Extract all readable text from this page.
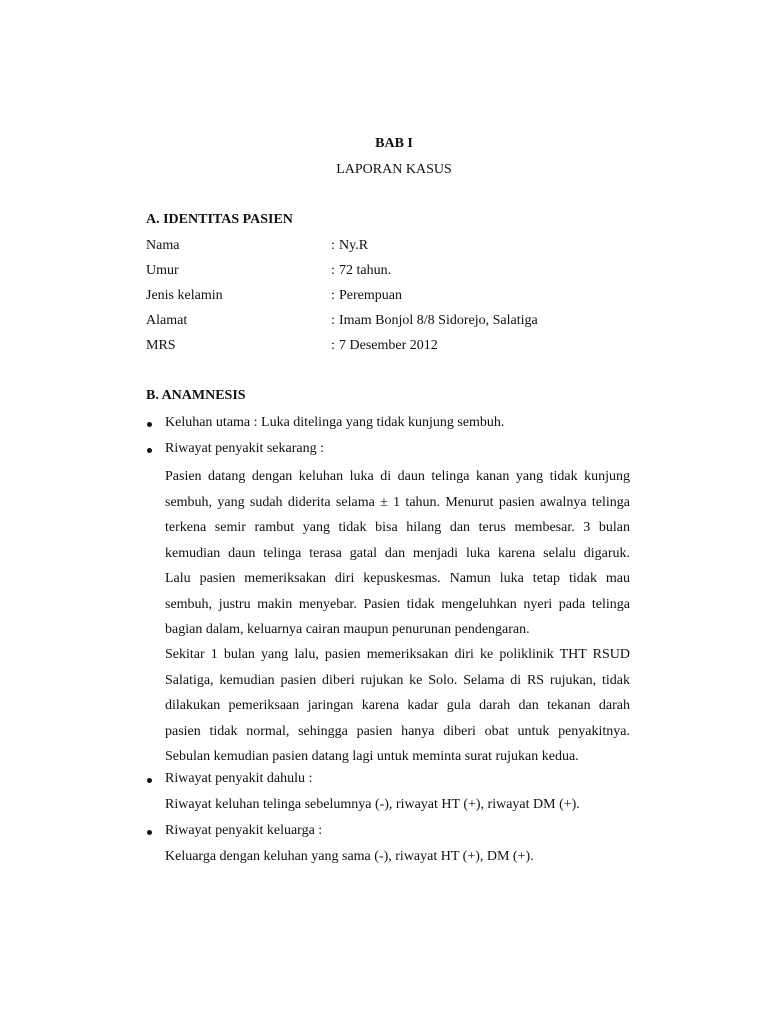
BAB I
LAPORAN KASUS
A. IDENTITAS PASIEN
Nama	: Ny.R
Umur	: 72 tahun.
Jenis kelamin	: Perempuan
Alamat	: Imam Bonjol 8/8 Sidorejo, Salatiga
MRS	: 7 Desember 2012
B. ANAMNESIS
Keluhan utama : Luka ditelinga yang tidak kunjung sembuh.
Riwayat penyakit sekarang :
Pasien datang dengan keluhan luka di daun telinga kanan yang tidak kunjung
sembuh, yang sudah diderita selama ± 1 tahun. Menurut pasien awalnya telinga
terkena semir rambut yang tidak bisa hilang dan terus membesar. 3 bulan
kemudian daun telinga terasa gatal dan menjadi luka karena selalu digaruk.
Lalu pasien memeriksakan diri kepuskesmas. Namun luka tetap tidak mau
sembuh, justru makin menyebar. Pasien tidak mengeluhkan nyeri pada telinga
bagian dalam, keluarnya cairan maupun penurunan pendengaran.
Sekitar 1 bulan yang lalu, pasien memeriksakan diri ke poliklinik THT RSUD
Salatiga, kemudian pasien diberi rujukan ke Solo. Selama di RS rujukan, tidak
dilakukan pemeriksaan jaringan karena kadar gula darah dan tekanan darah
pasien tidak normal, sehingga pasien hanya diberi obat untuk penyakitnya.
Sebulan kemudian pasien datang lagi untuk meminta surat rujukan kedua.
Riwayat penyakit dahulu :
Riwayat keluhan telinga sebelumnya (-), riwayat HT (+), riwayat DM (+).
Riwayat penyakit keluarga :
Keluarga dengan keluhan yang sama (-), riwayat HT (+), DM (+).
